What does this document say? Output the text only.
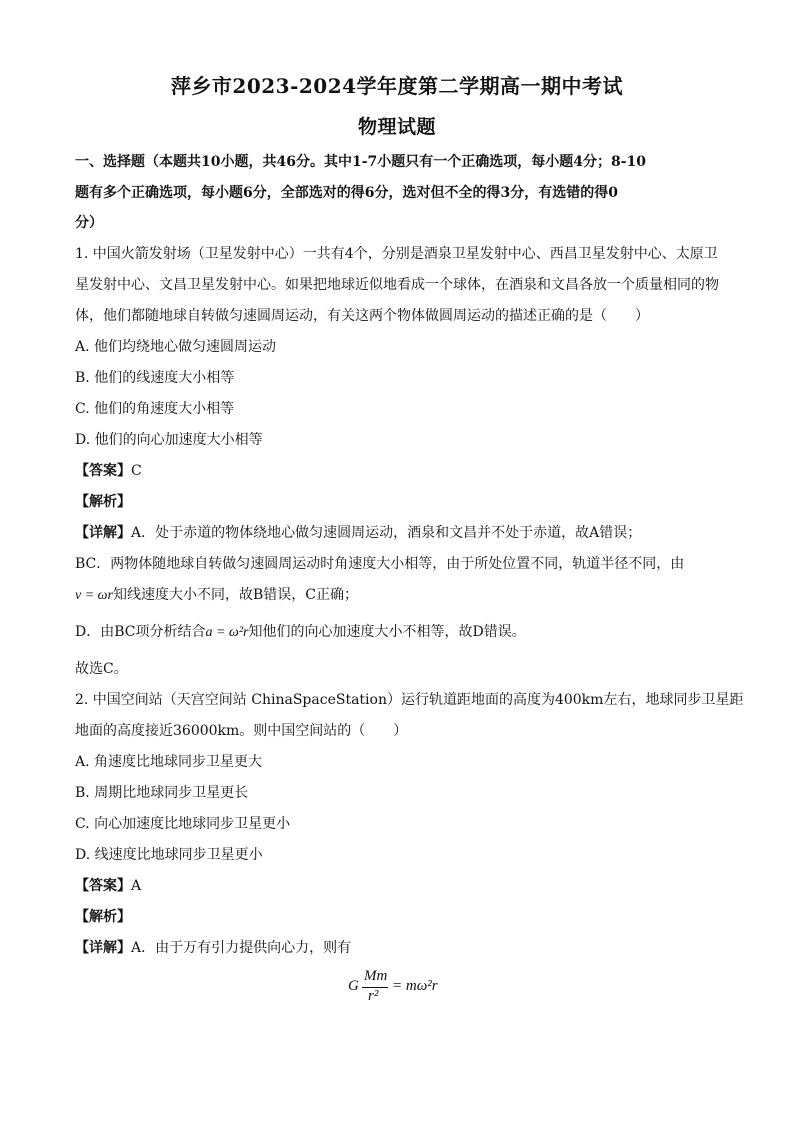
萍乡市2023-2024学年度第二学期高一期中考试
物理试题
一、选择题（本题共10小题，共46分。其中1-7小题只有一个正确选项，每小题4分；8-10
题有多个正确选项，每小题6分，全部选对的得6分，选对但不全的得3分，有选错的得0
分）
1. 中国火箭发射场（卫星发射中心）一共有4个，分别是酒泉卫星发射中心、西昌卫星发射中心、太原卫
星发射中心、文昌卫星发射中心。如果把地球近似地看成一个球体，在酒泉和文昌各放一个质量相同的物
体，他们都随地球自转做匀速圆周运动，有关这两个物体做圆周运动的描述正确的是（　　）
A. 他们均绕地心做匀速圆周运动
B. 他们的线速度大小相等
C. 他们的角速度大小相等
D. 他们的向心加速度大小相等
【答案】C
【解析】
【详解】A．处于赤道的物体绕地心做匀速圆周运动，酒泉和文昌并不处于赤道，故A错误；
BC．两物体随地球自转做匀速圆周运动时角速度大小相等，由于所处位置不同，轨道半径不同，由
v = ωr知线速度大小不同，故B错误，C正确；
D．由BC项分析结合a = ω²r知他们的向心加速度大小不相等，故D错误。
故选C。
2. 中国空间站（天宫空间站 ChinaSpaceStation）运行轨道距地面的高度为400km左右，地球同步卫星距
地面的高度接近36000km。则中国空间站的（　　）
A. 角速度比地球同步卫星更大
B. 周期比地球同步卫星更长
C. 向心加速度比地球同步卫星更小
D. 线速度比地球同步卫星更小
【答案】A
【解析】
【详解】A．由于万有引力提供向心力，则有
G
Mm
r²
= mω²r
